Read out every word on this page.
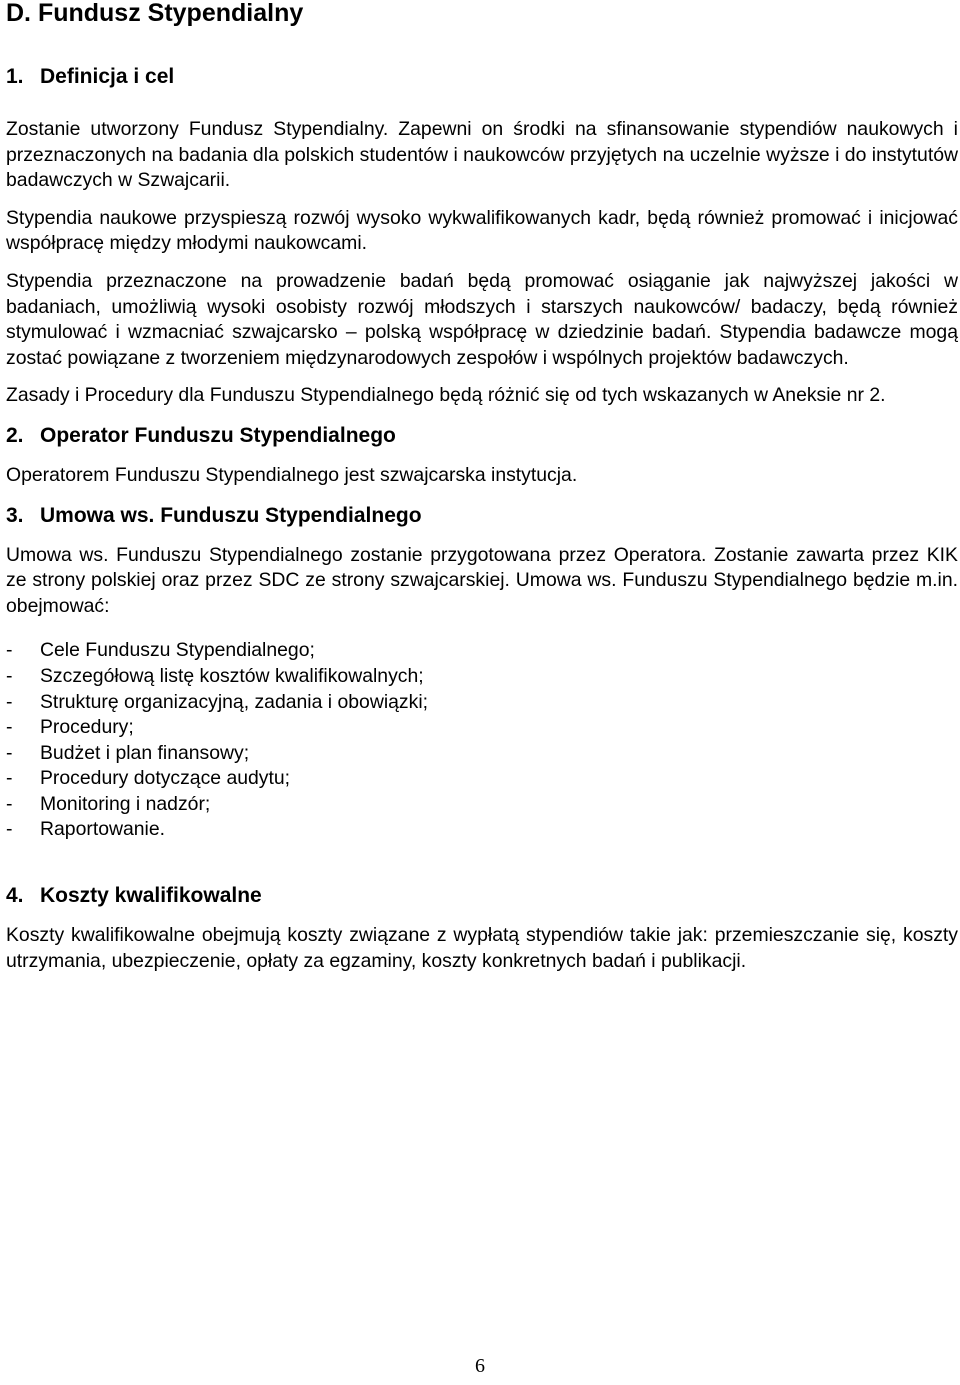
D. Fundusz Stypendialny
1. Definicja i cel

Zostanie utworzony Fundusz Stypendialny. Zapewni on środki na sfinansowanie stypendiów naukowych i przeznaczonych na badania dla polskich studentów i naukowców przyjętych na uczelnie wyższe i do instytutów badawczych w Szwajcarii.

Stypendia naukowe przyspieszą rozwój wysoko wykwalifikowanych kadr, będą również promować i inicjować współpracę między młodymi naukowcami.

Stypendia przeznaczone na prowadzenie badań będą promować osiąganie jak najwyższej jakości w badaniach, umożliwią wysoki osobisty rozwój młodszych i starszych naukowców/ badaczy, będą również stymulować i wzmacniać szwajcarsko – polską współpracę w dziedzinie badań. Stypendia badawcze mogą zostać powiązane z tworzeniem międzynarodowych zespołów i wspólnych projektów badawczych.

Zasady i Procedury dla Funduszu Stypendialnego będą różnić się od tych wskazanych w Aneksie nr 2.

2. Operator Funduszu Stypendialnego

Operatorem Funduszu Stypendialnego jest szwajcarska instytucja.

3. Umowa ws. Funduszu Stypendialnego

Umowa ws. Funduszu Stypendialnego zostanie przygotowana przez Operatora. Zostanie zawarta przez KIK ze strony polskiej oraz przez SDC ze strony szwajcarskiej. Umowa ws. Funduszu Stypendialnego będzie m.in. obejmować:

- Cele Funduszu Stypendialnego;
- Szczegółową listę kosztów kwalifikowalnych;
- Strukturę organizacyjną, zadania i obowiązki;
- Procedury;
- Budżet i plan finansowy;
- Procedury dotyczące audytu;
- Monitoring i nadzór;
- Raportowanie.
4. Koszty kwalifikowalne

Koszty kwalifikowalne obejmują koszty związane z wypłatą stypendiów takie jak: przemieszczanie się, koszty utrzymania, ubezpieczenie, opłaty za egzaminy, koszty konkretnych badań i publikacji.

6
